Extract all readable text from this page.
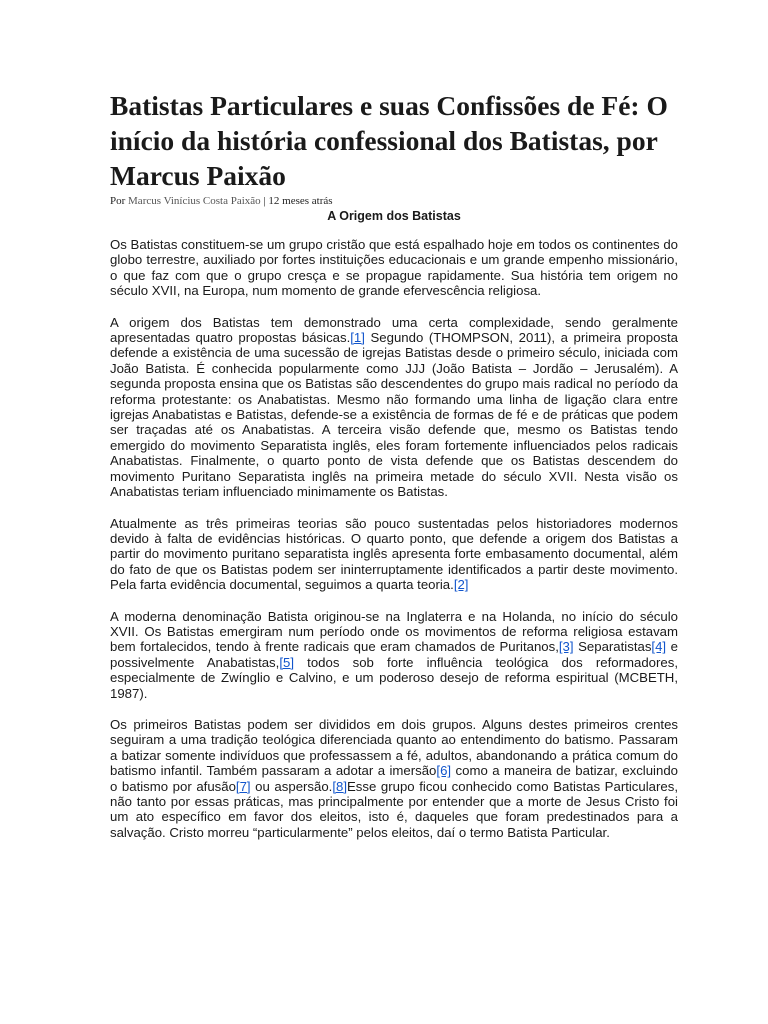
Batistas Particulares e suas Confissões de Fé: O início da história confessional dos Batistas, por Marcus Paixão
Por Marcus Vinícius Costa Paixão | 12 meses atrás
A Origem dos Batistas

Os Batistas constituem-se um grupo cristão que está espalhado hoje em todos os continentes do globo terrestre, auxiliado por fortes instituições educacionais e um grande empenho missionário, o que faz com que o grupo cresça e se propague rapidamente. Sua história tem origem no século XVII, na Europa, num momento de grande efervescência religiosa.

A origem dos Batistas tem demonstrado uma certa complexidade, sendo geralmente apresentadas quatro propostas básicas.[1] Segundo (THOMPSON, 2011), a primeira proposta defende a existência de uma sucessão de igrejas Batistas desde o primeiro século, iniciada com João Batista. É conhecida popularmente como JJJ (João Batista – Jordão – Jerusalém). A segunda proposta ensina que os Batistas são descendentes do grupo mais radical no período da reforma protestante: os Anabatistas. Mesmo não formando uma linha de ligação clara entre igrejas Anabatistas e Batistas, defende-se a existência de formas de fé e de práticas que podem ser traçadas até os Anabatistas. A terceira visão defende que, mesmo os Batistas tendo emergido do movimento Separatista inglês, eles foram fortemente influenciados pelos radicais Anabatistas. Finalmente, o quarto ponto de vista defende que os Batistas descendem do movimento Puritano Separatista inglês na primeira metade do século XVII. Nesta visão os Anabatistas teriam influenciado minimamente os Batistas.

Atualmente as três primeiras teorias são pouco sustentadas pelos historiadores modernos devido à falta de evidências históricas. O quarto ponto, que defende a origem dos Batistas a partir do movimento puritano separatista inglês apresenta forte embasamento documental, além do fato de que os Batistas podem ser ininterruptamente identificados a partir deste movimento. Pela farta evidência documental, seguimos a quarta teoria.[2]

A moderna denominação Batista originou-se na Inglaterra e na Holanda, no início do século XVII. Os Batistas emergiram num período onde os movimentos de reforma religiosa estavam bem fortalecidos, tendo à frente radicais que eram chamados de Puritanos,[3] Separatistas[4] e possivelmente Anabatistas,[5] todos sob forte influência teológica dos reformadores, especialmente de Zwínglio e Calvino, e um poderoso desejo de reforma espiritual (MCBETH, 1987).

Os primeiros Batistas podem ser divididos em dois grupos. Alguns destes primeiros crentes seguiram a uma tradição teológica diferenciada quanto ao entendimento do batismo. Passaram a batizar somente indivíduos que professassem a fé, adultos, abandonando a prática comum do batismo infantil. Também passaram a adotar a imersão[6] como a maneira de batizar, excluindo o batismo por afusão[7] ou aspersão.[8]Esse grupo ficou conhecido como Batistas Particulares, não tanto por essas práticas, mas principalmente por entender que a morte de Jesus Cristo foi um ato específico em favor dos eleitos, isto é, daqueles que foram predestinados para a salvação. Cristo morreu “particularmente” pelos eleitos, daí o termo Batista Particular.
